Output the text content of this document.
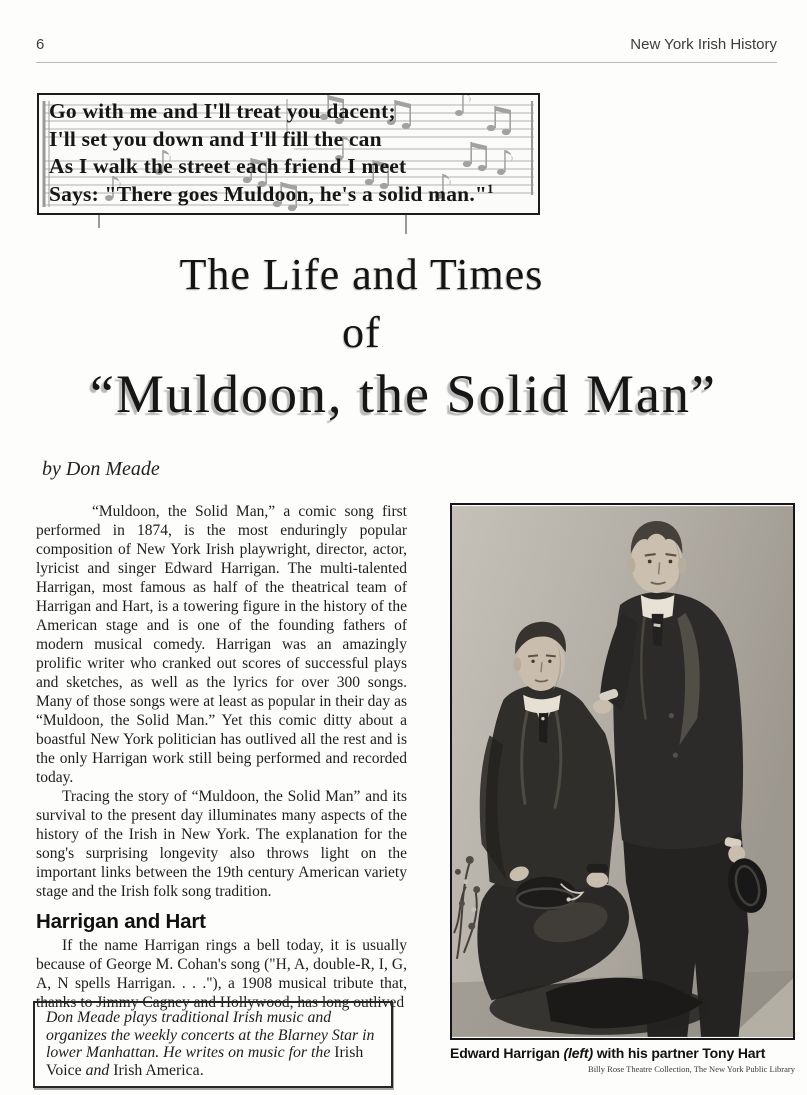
6	New York Irish History
Go with me and I'll treat you dacent;
I'll set you down and I'll fill the can
As I walk the street each friend I meet
Says: "There goes Muldoon, he's a solid man."$^1$
The Life and Times
of
“Muldoon, the Solid Man”
by Don Meade

“Muldoon, the Solid Man,” a comic song first performed in 1874, is the most enduringly popular composition of New York Irish playwright, director, actor, lyricist and singer Edward Harrigan. The multi-talented Harrigan, most famous as half of the theatrical team of Harrigan and Hart, is a towering figure in the history of the American stage and is one of the founding fathers of modern musical comedy. Harrigan was an amazingly prolific writer who cranked out scores of successful plays and sketches, as well as the lyrics for over 300 songs. Many of those songs were at least as popular in their day as “Muldoon, the Solid Man.” Yet this comic ditty about a boastful New York politician has outlived all the rest and is the only Harrigan work still being performed and recorded today.

Tracing the story of “Muldoon, the Solid Man” and its survival to the present day illuminates many aspects of the history of the Irish in New York. The explanation for the song's surprising longevity also throws light on the important links between the 19th century American variety stage and the Irish folk song tradition.

Harrigan and Hart

If the name Harrigan rings a bell today, it is usually because of George M. Cohan's song ("H, A, double-R, I, G, A, N spells Harrigan. . . ."), a 1908 musical tribute that, thanks to Jimmy Cagney and Hollywood, has long outlived

Don Meade plays traditional Irish music and organizes the weekly concerts at the Blarney Star in lower Manhattan. He writes on music for the Irish Voice and Irish America.
Edward Harrigan (left) with his partner Tony Hart
Billy Rose Theatre Collection, The New York Public Library
